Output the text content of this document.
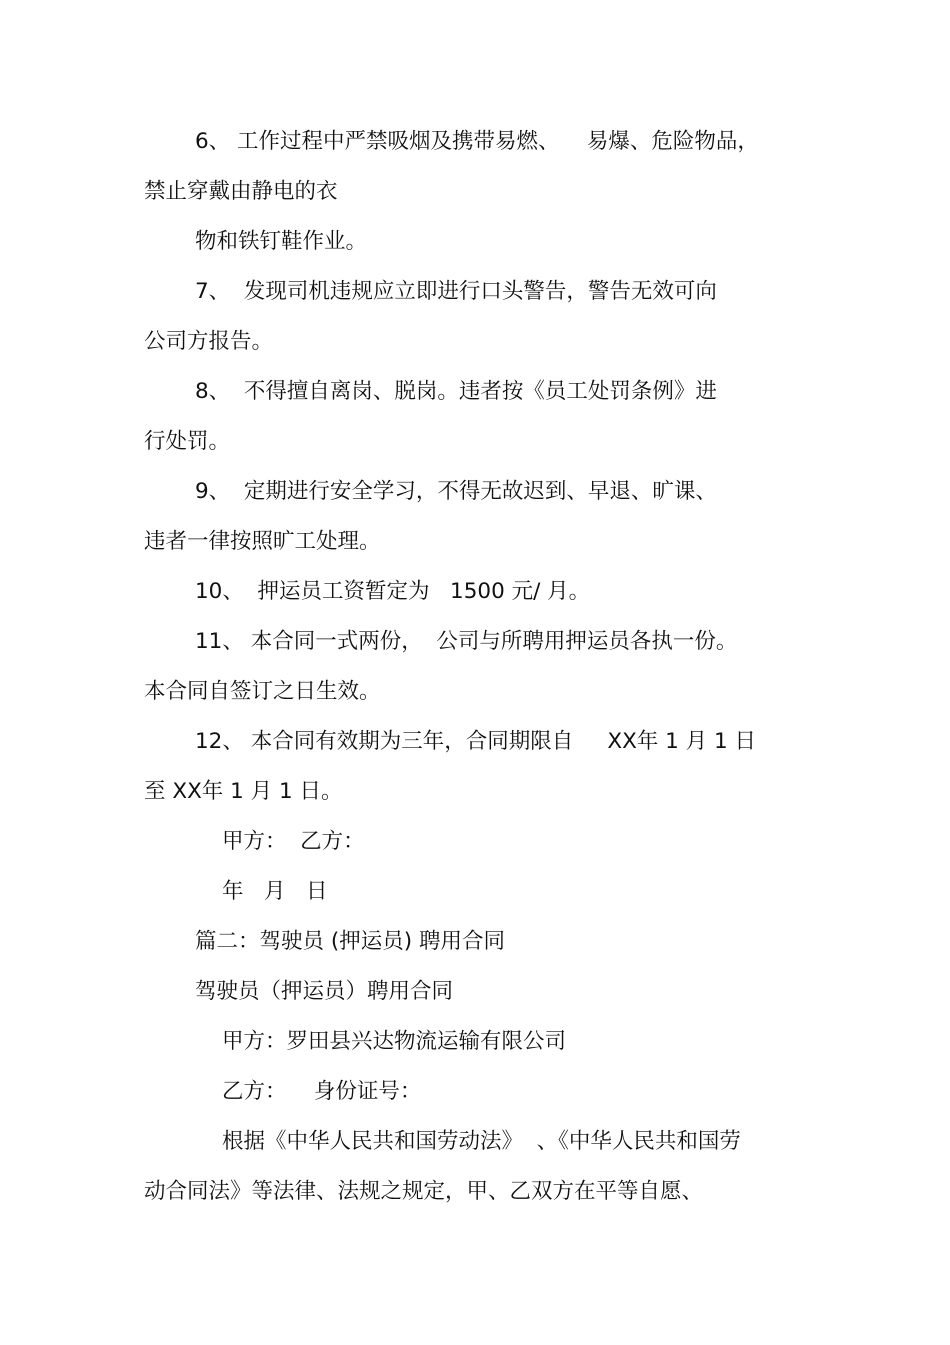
6、 工作过程中严禁吸烟及携带易燃、    易爆、危险物品，
禁止穿戴由静电的衣
物和铁钉鞋作业。
7、  发现司机违规应立即进行口头警告，警告无效可向
公司方报告。
8、  不得擅自离岗、脱岗。违者按《员工处罚条例》进
行处罚。
9、  定期进行安全学习，不得无故迟到、早退、旷课、
违者一律按照旷工处理。
10、  押运员工资暂定为   1500 元/ 月。
11、 本合同一式两份，  公司与所聘用押运员各执一份。
本合同自签订之日生效。
12、 本合同有效期为三年，合同期限自     XX年 1 月 1 日
至 XX年 1 月 1 日。
甲方：  乙方：
年   月   日
篇二：驾驶员 (押运员) 聘用合同
驾驶员（押运员）聘用合同
甲方：罗田县兴达物流运输有限公司
乙方：    身份证号：
根据《中华人民共和国劳动法》  、《中华人民共和国劳
动合同法》等法律、法规之规定，甲、乙双方在平等自愿、
